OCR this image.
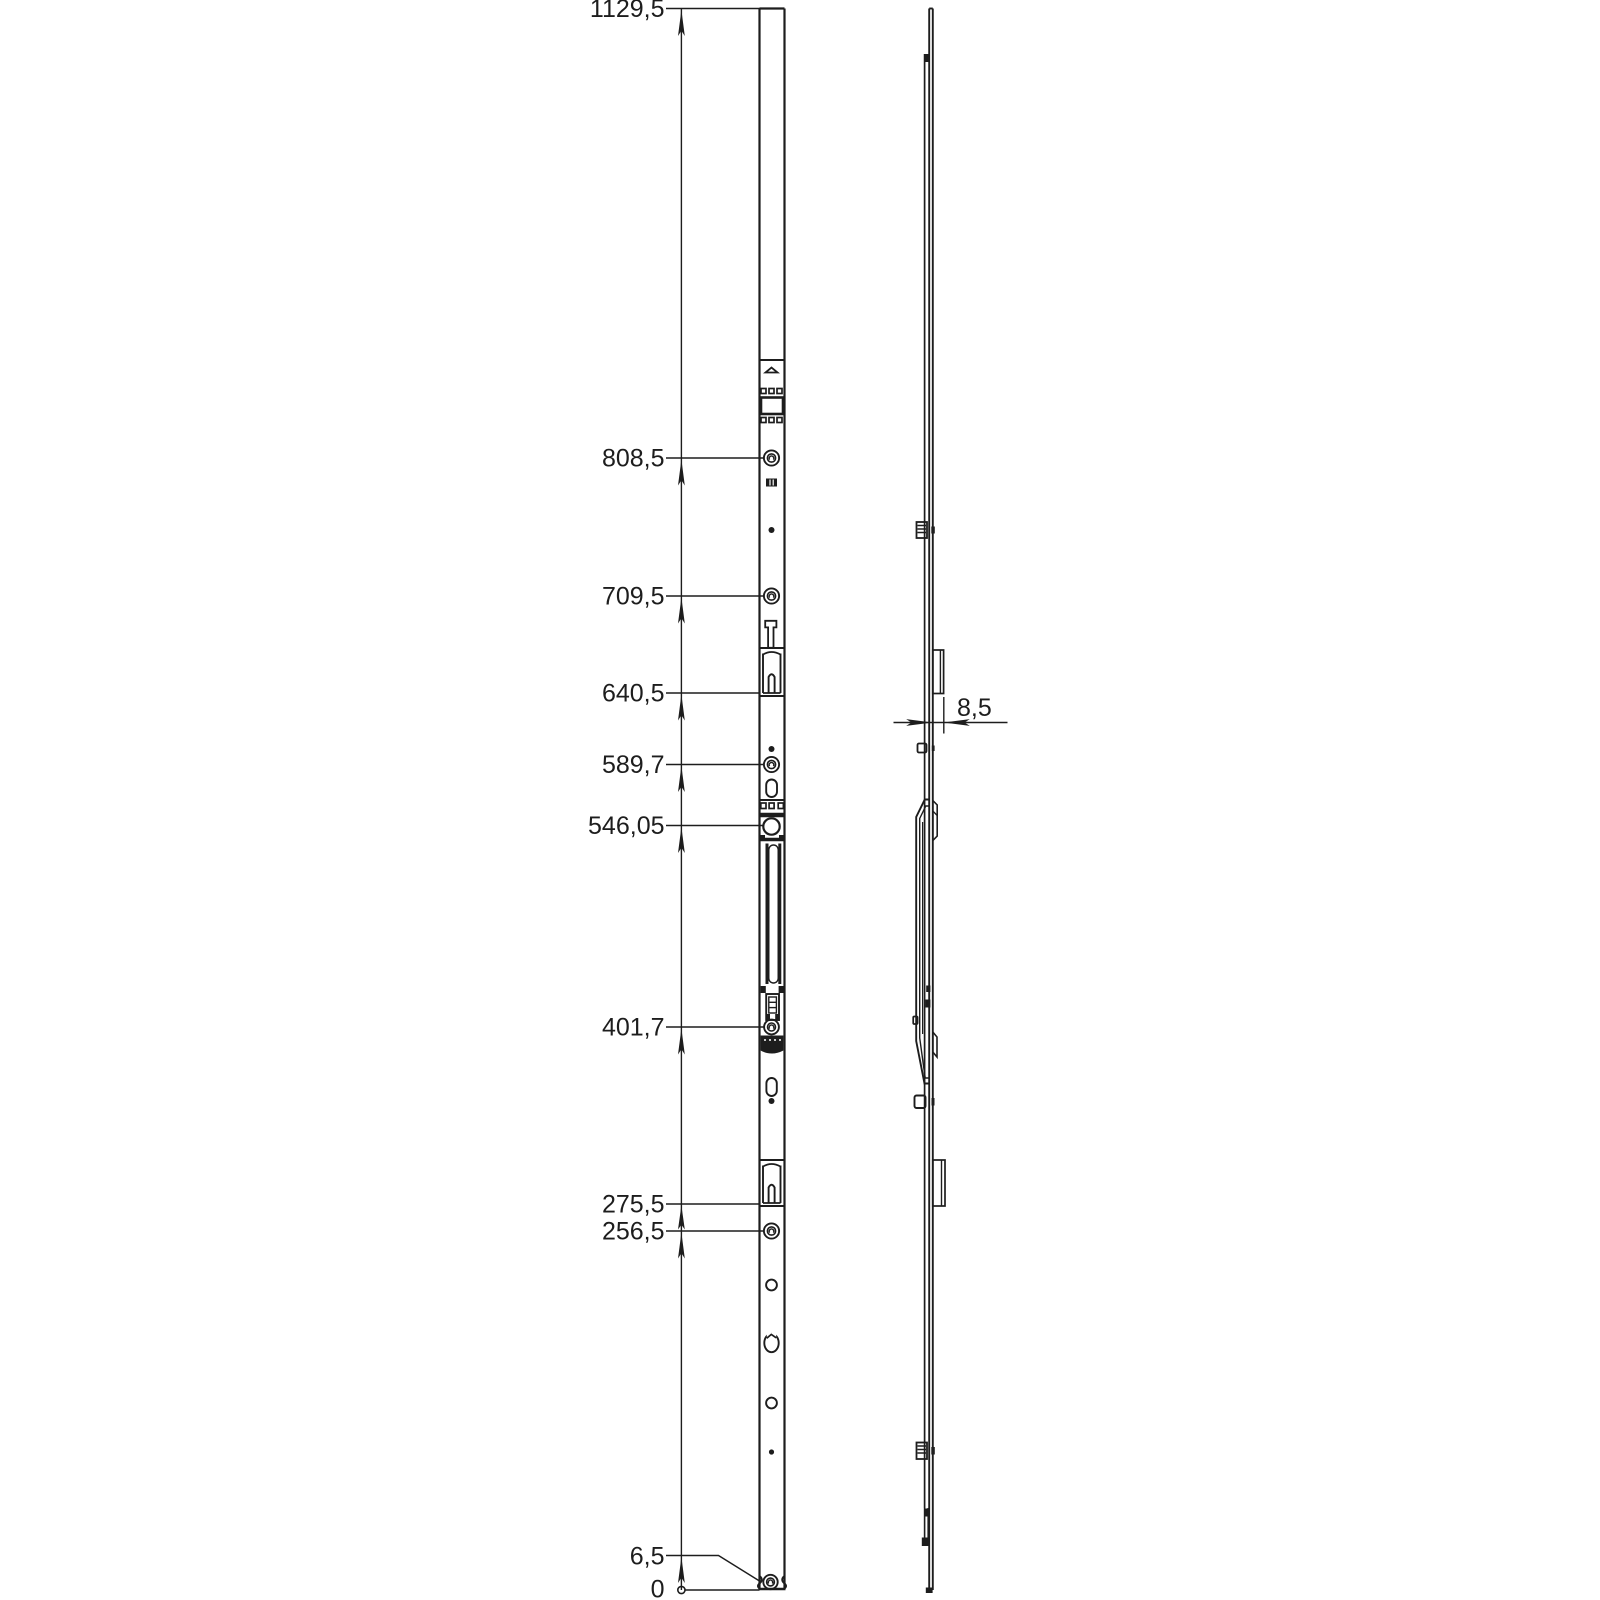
1129,5
808,5
709,5
640,5
589,7
546,05
401,7
275,5
256,5
6,5
0
8,5
